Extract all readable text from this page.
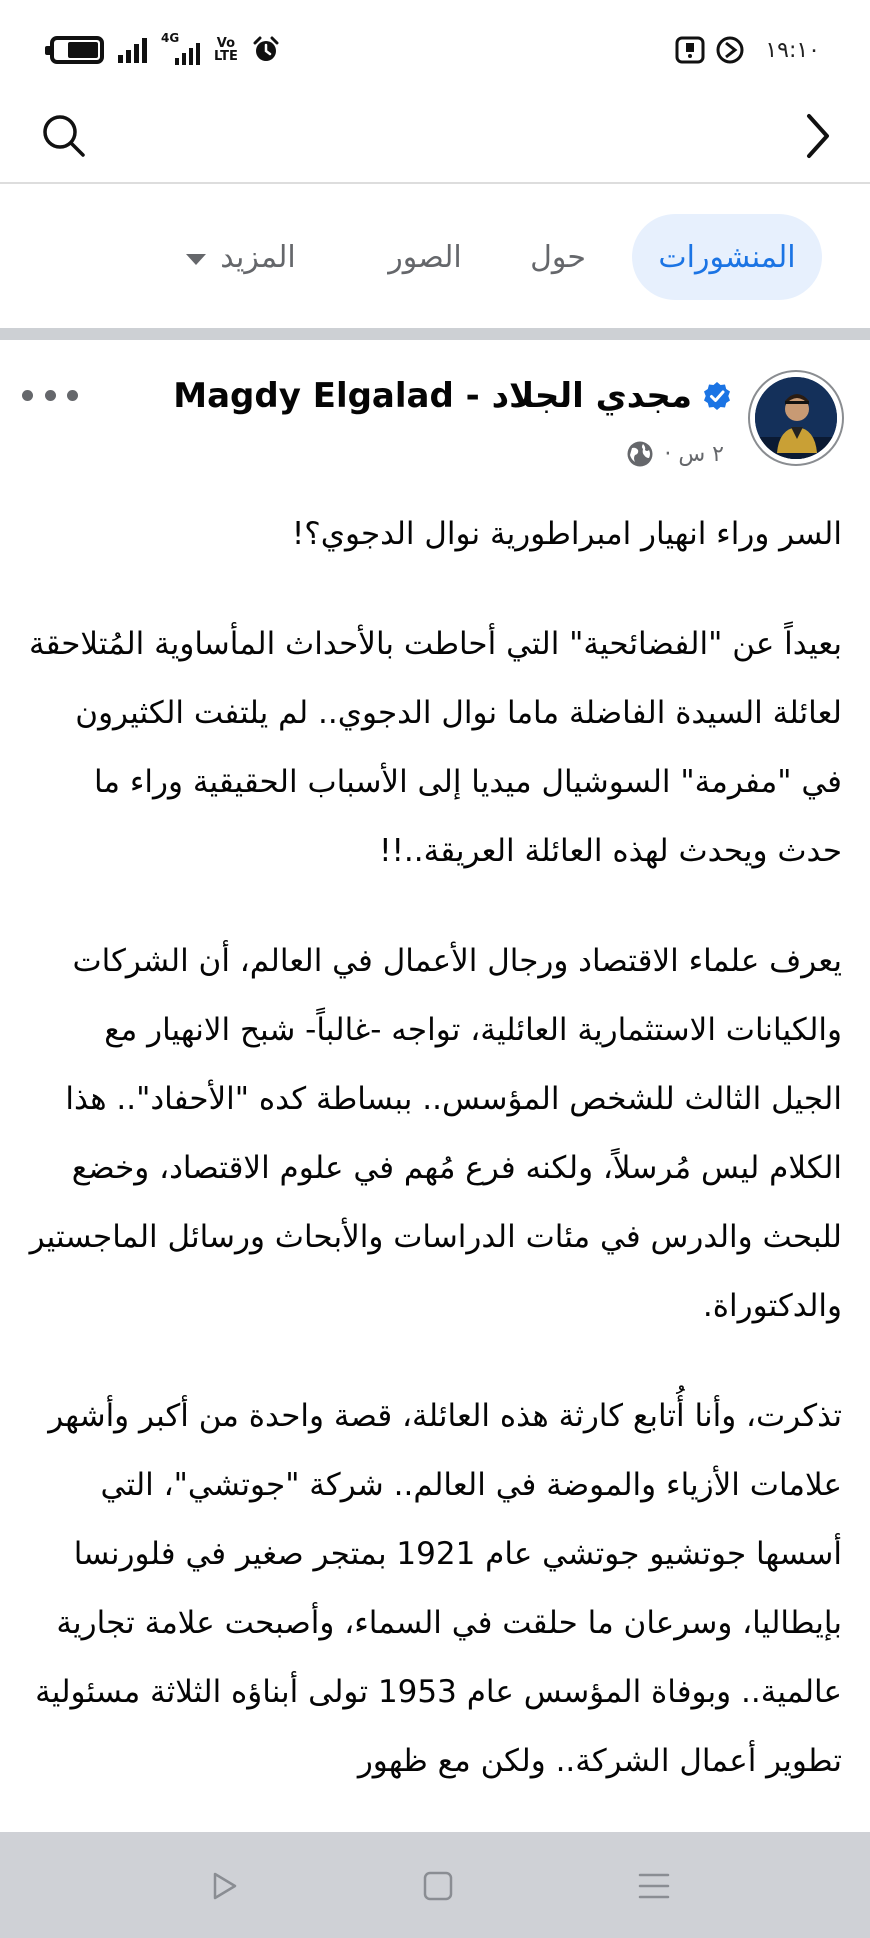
4G	Vo
LTE	١٩:١٠
المنشورات
حول
الصور
المزيد
Magdy Elgalad - مجدي الجلاد
٢ س ·

السر وراء انهيار امبراطورية نوال الدجوي؟!

بعيداً عن "الفضائحية" التي أحاطت بالأحداث المأساوية المُتلاحقة لعائلة السيدة الفاضلة ماما نوال الدجوي.. لم يلتفت الكثيرون في "مفرمة" السوشيال ميديا إلى الأسباب الحقيقية وراء ما حدث ويحدث لهذه العائلة العريقة..!!

يعرف علماء الاقتصاد ورجال الأعمال في العالم، أن الشركات والكيانات الاستثمارية العائلية، تواجه -غالباً- شبح الانهيار مع الجيل الثالث للشخص المؤسس.. ببساطة كده "الأحفاد".. هذا الكلام ليس مُرسلاً، ولكنه فرع مُهم في علوم الاقتصاد، وخضع للبحث والدرس في مئات الدراسات والأبحاث ورسائل الماجستير والدكتوراة.

تذكرت، وأنا أُتابع كارثة هذه العائلة، قصة واحدة من أكبر وأشهر علامات الأزياء والموضة في العالم.. شركة "جوتشي"، التي أسسها جوتشيو جوتشي عام 1921 بمتجر صغير في فلورنسا بإيطاليا، وسرعان ما حلقت في السماء، وأصبحت علامة تجارية عالمية.. وبوفاة المؤسس عام 1953 تولى أبناؤه الثلاثة مسئولية تطوير أعمال الشركة.. ولكن مع ظهور
